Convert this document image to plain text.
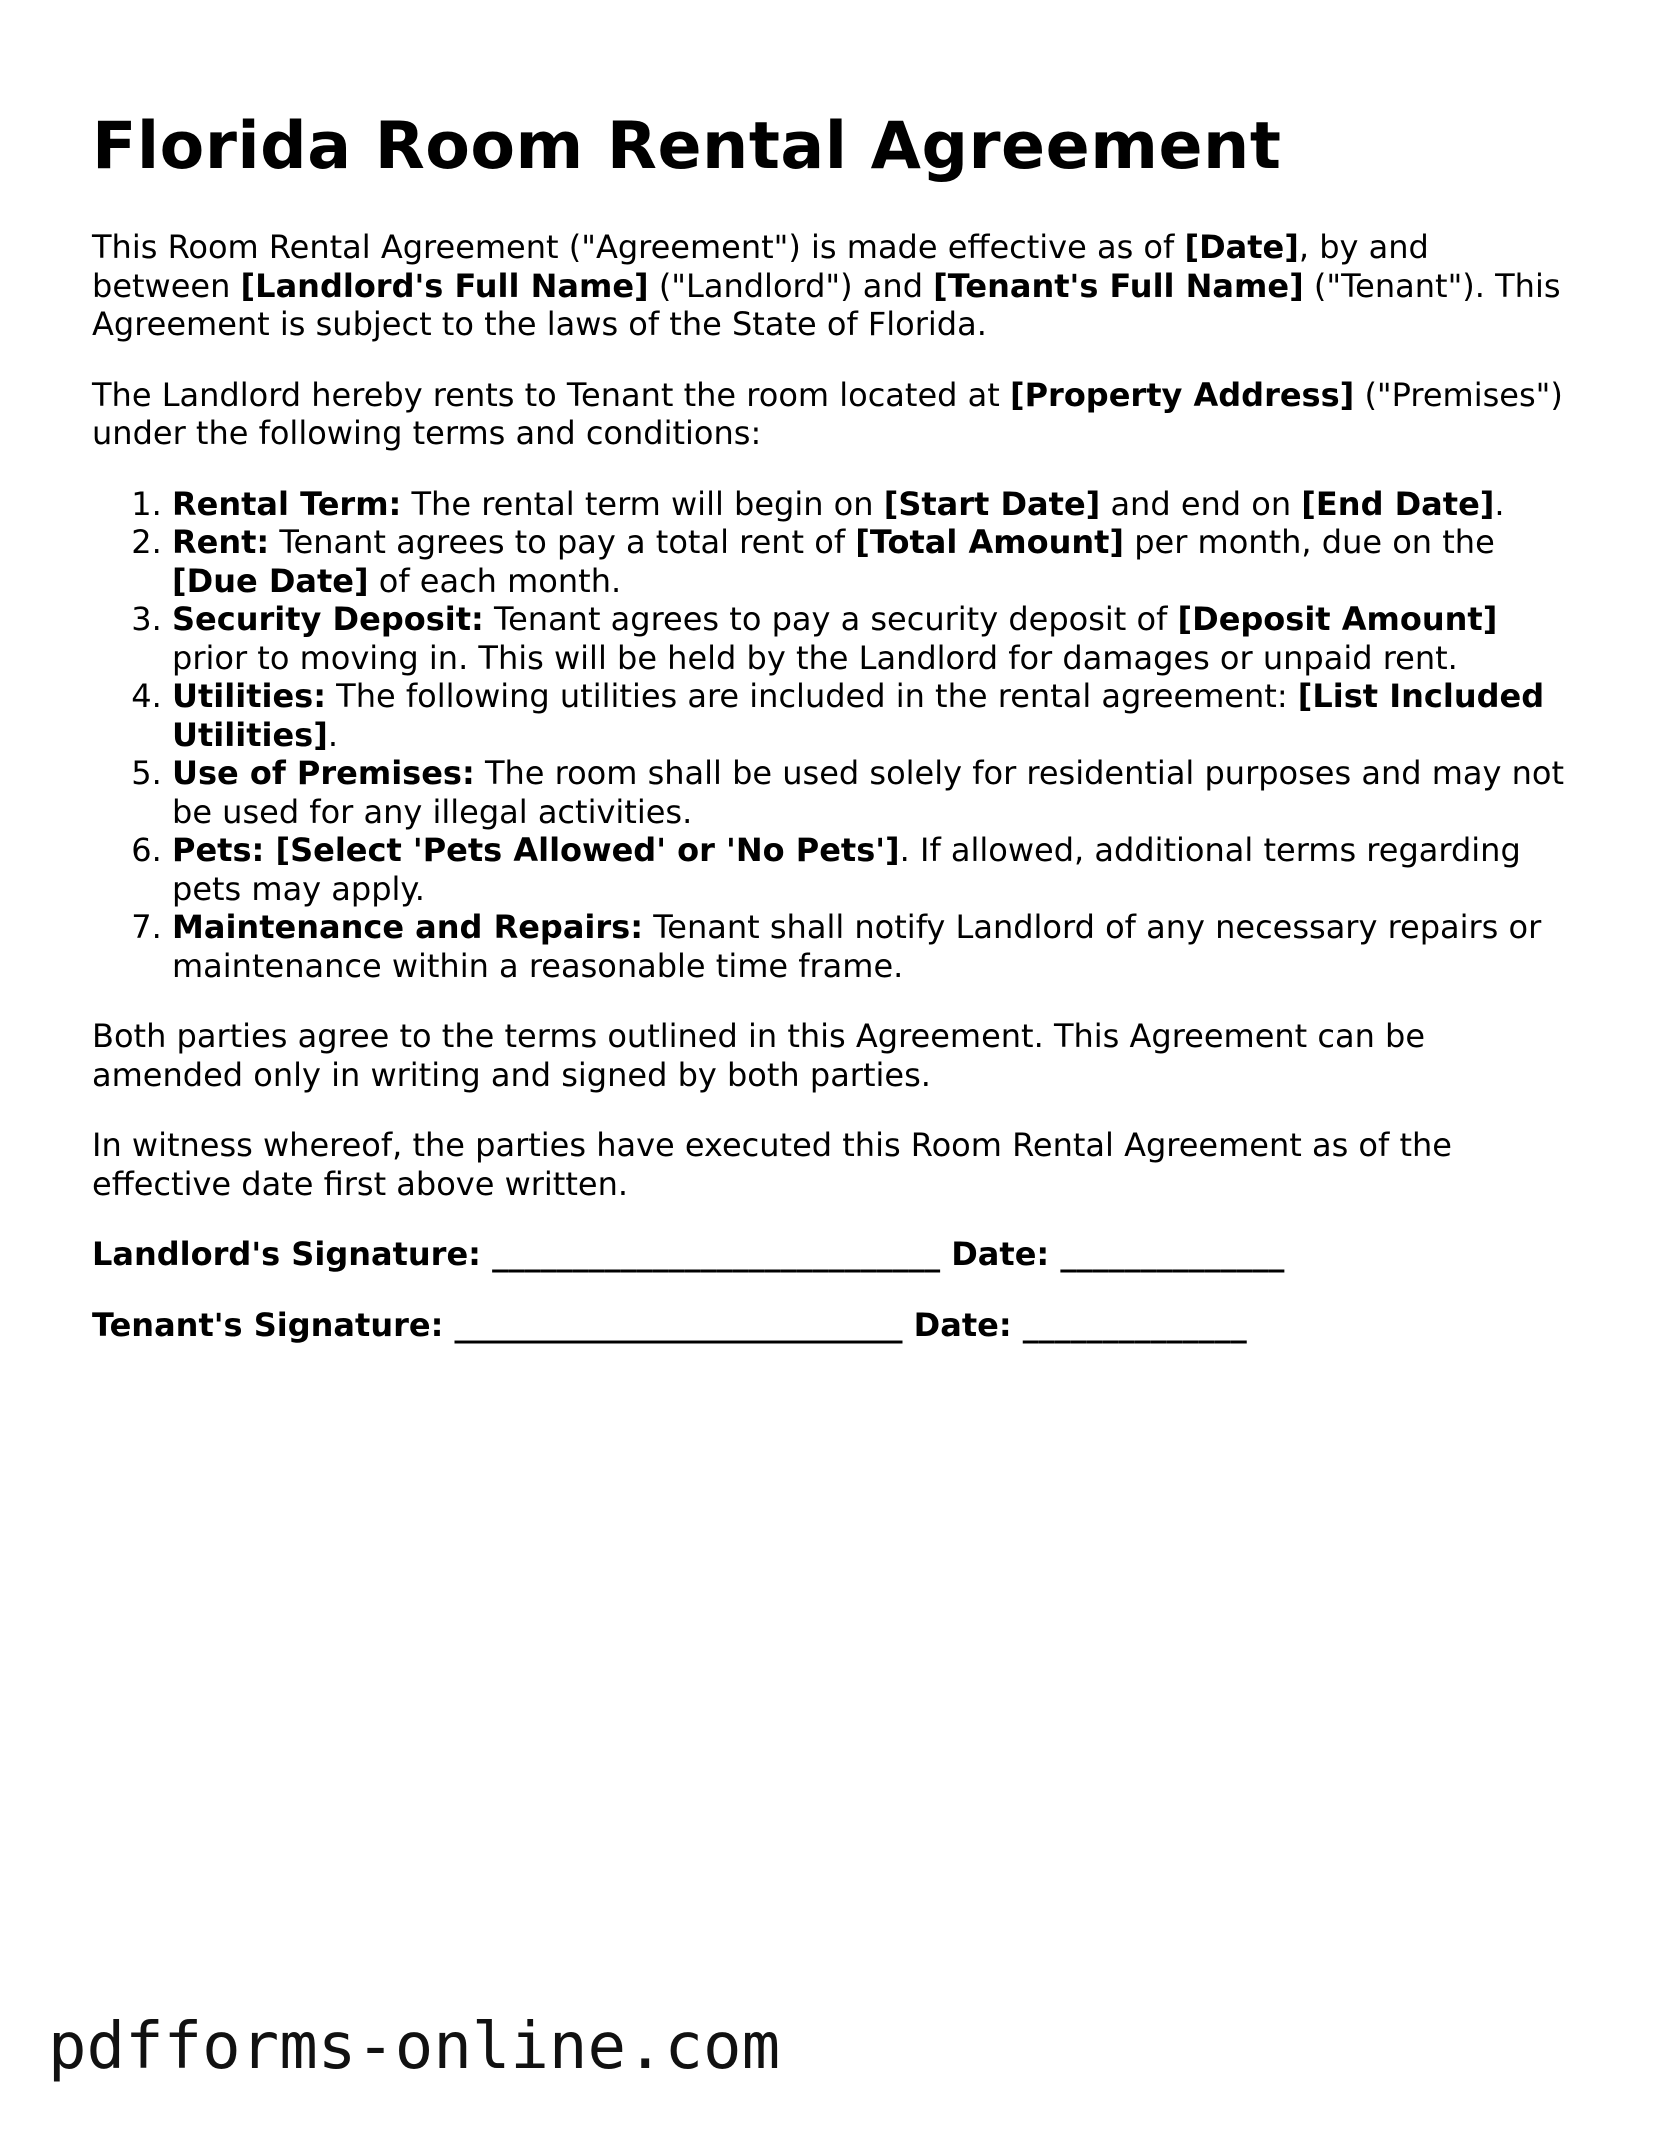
Florida Room Rental Agreement

This Room Rental Agreement ("Agreement") is made effective as of [Date], by and between [Landlord's Full Name] ("Landlord") and [Tenant's Full Name] ("Tenant"). This Agreement is subject to the laws of the State of Florida.

The Landlord hereby rents to Tenant the room located at [Property Address] ("Premises") under the following terms and conditions:

1. Rental Term: The rental term will begin on [Start Date] and end on [End Date].
2. Rent: Tenant agrees to pay a total rent of [Total Amount] per month, due on the [Due Date] of each month.
3. Security Deposit: Tenant agrees to pay a security deposit of [Deposit Amount] prior to moving in. This will be held by the Landlord for damages or unpaid rent.
4. Utilities: The following utilities are included in the rental agreement: [List Included Utilities].
5. Use of Premises: The room shall be used solely for residential purposes and may not be used for any illegal activities.
6. Pets: [Select 'Pets Allowed' or 'No Pets']. If allowed, additional terms regarding pets may apply.
7. Maintenance and Repairs: Tenant shall notify Landlord of any necessary repairs or maintenance within a reasonable time frame.

Both parties agree to the terms outlined in this Agreement. This Agreement can be amended only in writing and signed by both parties.

In witness whereof, the parties have executed this Room Rental Agreement as of the effective date first above written.

Landlord's Signature: ____________________________ Date: ______________
Tenant's Signature: ____________________________ Date: ______________
pdfforms-online.com
